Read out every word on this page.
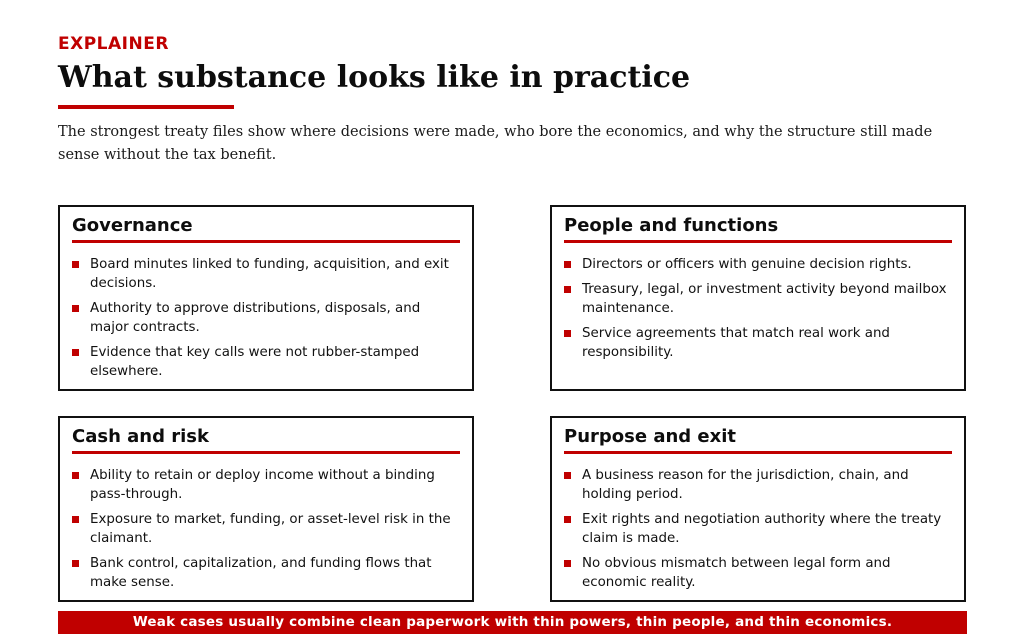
EXPLAINER
What substance looks like in practice

The strongest treaty files show where decisions were made, who bore the economics, and why the structure still made sense without the tax benefit.

Governance
Board minutes linked to funding, acquisition, and exit decisions.
Authority to approve distributions, disposals, and major contracts.
Evidence that key calls were not rubber-stamped elsewhere.
People and functions
Directors or officers with genuine decision rights.
Treasury, legal, or investment activity beyond mailbox maintenance.
Service agreements that match real work and responsibility.
Cash and risk
Ability to retain or deploy income without a binding pass-through.
Exposure to market, funding, or asset-level risk in the claimant.
Bank control, capitalization, and funding flows that make sense.
Purpose and exit
A business reason for the jurisdiction, chain, and holding period.
Exit rights and negotiation authority where the treaty claim is made.
No obvious mismatch between legal form and economic reality.
Weak cases usually combine clean paperwork with thin powers, thin people, and thin economics.
